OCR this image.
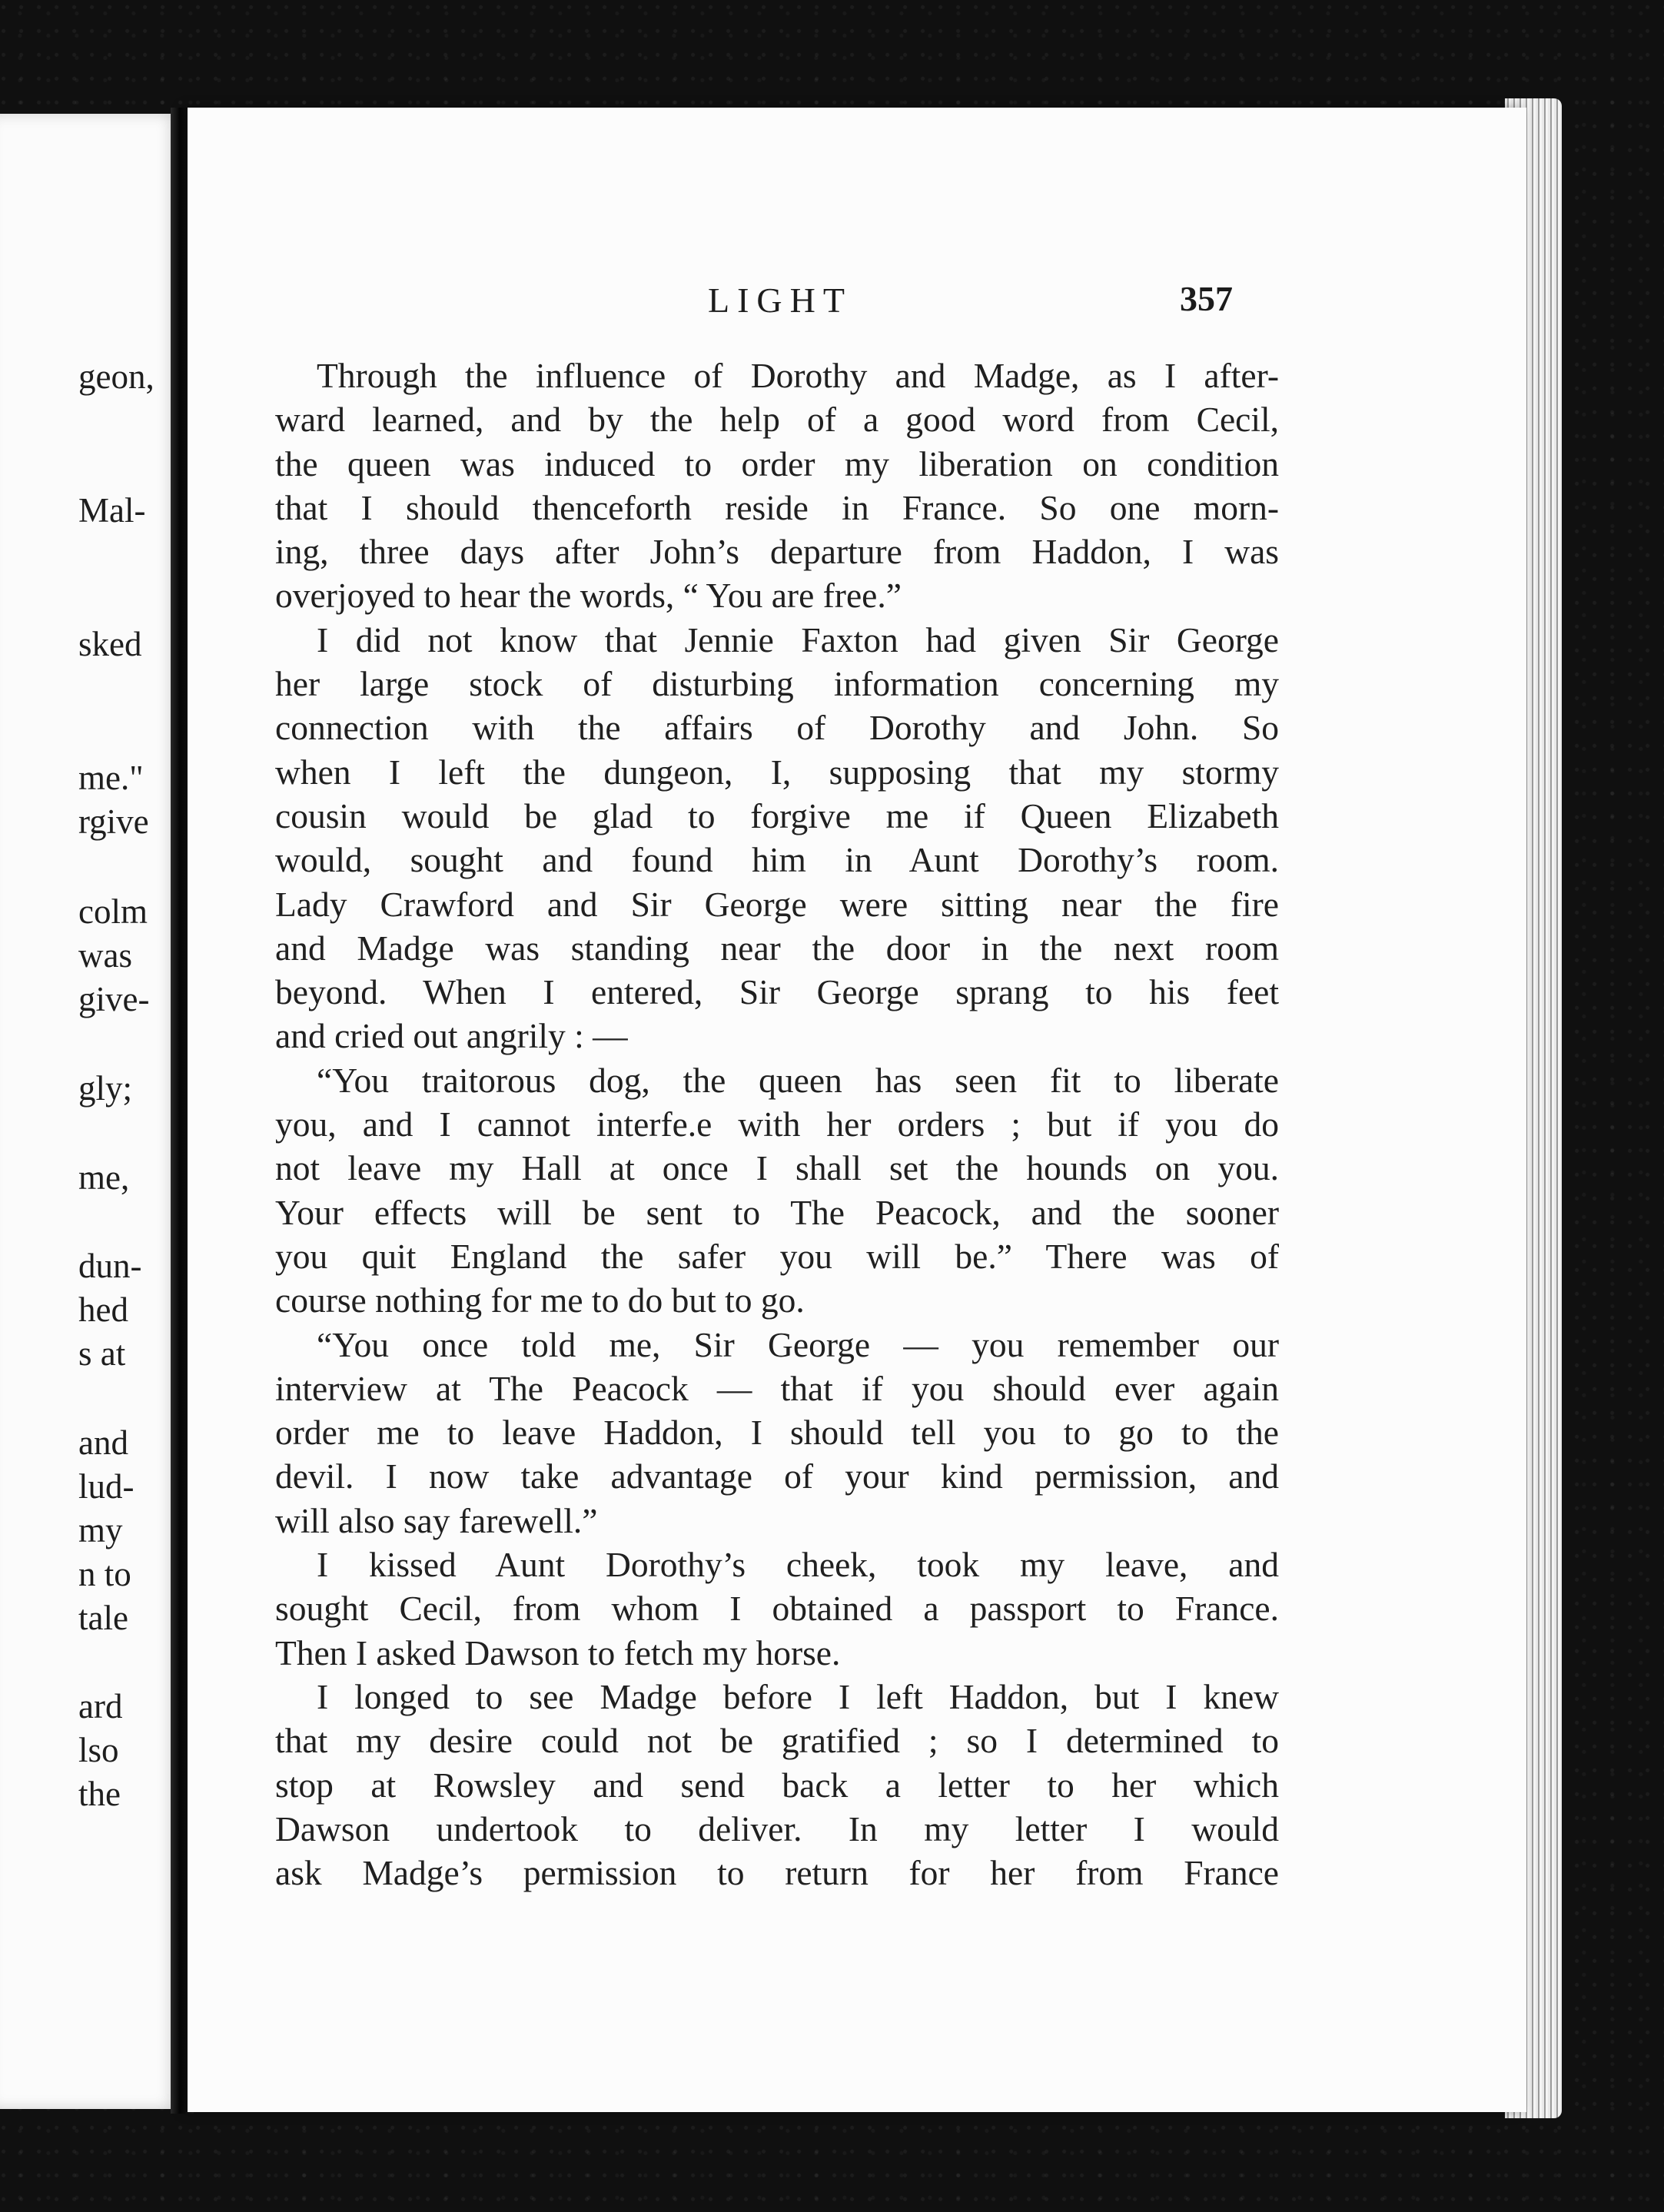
geon,
Mal-
sked
me."
rgive
colm
was
give-
gly;
me,
dun-
hed
s at
and
lud-
my
n to
tale
ard
lso
the
LIGHT	357
Through the influence of Dorothy and Madge, as I after-
ward learned, and by the help of a good word from Cecil,
the queen was induced to order my liberation on condition
that I should thenceforth reside in France. So one morn-
ing, three days after John’s departure from Haddon, I was
overjoyed to hear the words, “ You are free.”
I did not know that Jennie Faxton had given Sir George
her large stock of disturbing information concerning my
connection with the affairs of Dorothy and John. So
when I left the dungeon, I, supposing that my stormy
cousin would be glad to forgive me if Queen Elizabeth
would, sought and found him in Aunt Dorothy’s room.
Lady Crawford and Sir George were sitting near the fire
and Madge was standing near the door in the next room
beyond. When I entered, Sir George sprang to his feet
and cried out angrily : —
“You traitorous dog, the queen has seen fit to liberate
you, and I cannot interfe.e with her orders ; but if you do
not leave my Hall at once I shall set the hounds on you.
Your effects will be sent to The Peacock, and the sooner
you quit England the safer you will be.” There was of
course nothing for me to do but to go.
“You once told me, Sir George — you remember our
interview at The Peacock — that if you should ever again
order me to leave Haddon, I should tell you to go to the
devil. I now take advantage of your kind permission, and
will also say farewell.”
I kissed Aunt Dorothy’s cheek, took my leave, and
sought Cecil, from whom I obtained a passport to France.
Then I asked Dawson to fetch my horse.
I longed to see Madge before I left Haddon, but I knew
that my desire could not be gratified ; so I determined to
stop at Rowsley and send back a letter to her which
Dawson undertook to deliver. In my letter I would
ask Madge’s permission to return for her from France
